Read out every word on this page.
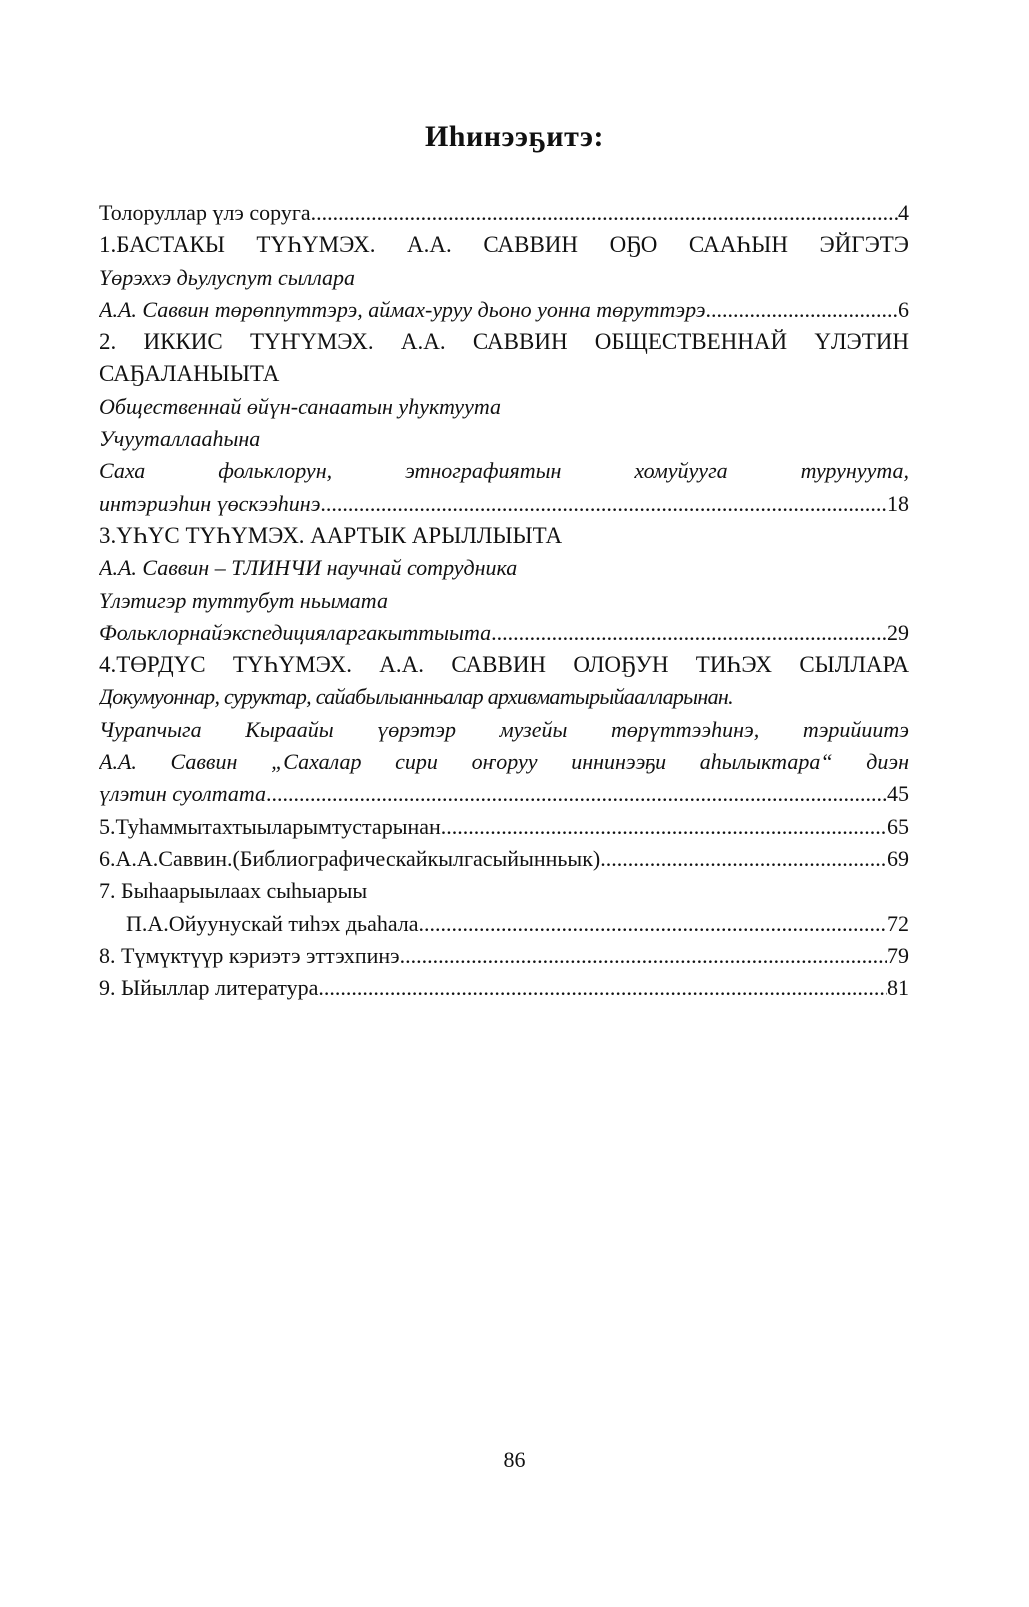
Иhинээҕитэ:
Толоруллар үлэ соруга .....	4
1.БАСТАКЫ ТҮҺҮМЭХ. А.А. САВВИН ОҔО СААҺЫН ЭЙГЭТЭ
Үөрэххэ дьулуспут сыллара
А.А. Саввин төрөппуттэрэ, аймах-уруу дьоно уонна төруттэрэ .....	6
2. ИККИС ТҮҤҮМЭХ. А.А. САВВИН ОБЩЕСТВЕННАЙ ҮЛЭТИН
САҔАЛАНЫЫТА
Общественнай өйүн-санаатын уhуктуута
Учууталлааhына
Саха фольклорун, этнографиятын хомуйууга турунуута,
интэриэhин үөскээhинэ .....	18
3.ҮҺҮС ТҮҺҮМЭХ. ААРТЫК АРЫЛЛЫЫТА
А.А. Саввин – ТЛИНЧИ научнай сотрудника
Үлэтигэр туттубут ньымата
Фольклорнайэкспедицияларгакыттыыта .....	29
4.ТӨРДҮС ТҮҺҮМЭХ. А.А. САВВИН ОЛОҔУН ТИҺЭХ СЫЛЛАРА
Докумуоннар, суруктар, сайабылыанньалар архивматырыйаалларынан.
Чурапчыга Кыраайы үөрэтэр музейы төрүттээhинэ, тэрийиитэ
А.А. Саввин „Сахалар сири оҥоруу иннинээҕи аhылыктара“ диэн
үлэтин суолтата .....	45
5.Туhаммытахтыыларымтустарынан .....	65
6.А.А.Саввин.(Библиографическайкылгасыйынньык) .....	69
7. Быhаарыылаах сыhыарыы
П.А.Ойуунускай тиhэх дьаhала .....	72
8. Түмүктүүр кэриэтэ эттэхпинэ .....	79
9. Ыйыллар литература .....	81
86
